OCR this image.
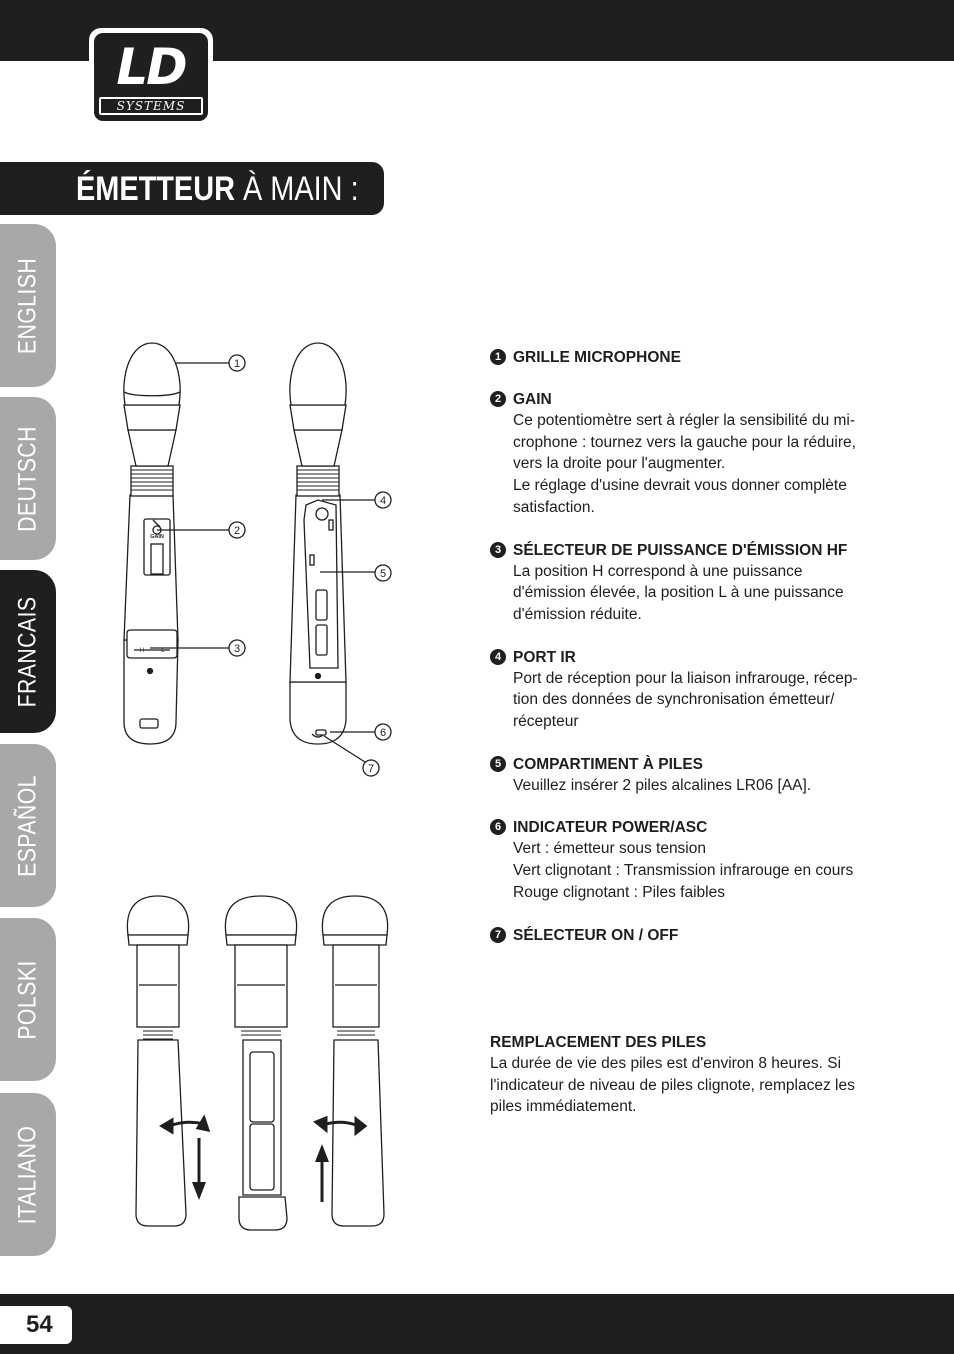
LD
SYSTEMS
ÉMETTEUR À MAIN :
ENGLISH
DEUTSCH
FRANCAIS
ESPAÑOL
POLSKI
ITALIANO
GAIN
H	L
1
2
3
4
5
6
7
1 GRILLE MICROPHONE
2 GAIN
Ce potentiomètre sert à régler la sensibilité du mi-
crophone : tournez vers la gauche pour la réduire,
vers la droite pour l'augmenter.
Le réglage d'usine devrait vous donner complète
satisfaction.
3 SÉLECTEUR DE PUISSANCE D'ÉMISSION HF
La position H correspond à une puissance
d'émission élevée, la position L à une puissance
d'émission réduite.
4 PORT IR
Port de réception pour la liaison infrarouge, récep-
tion des données de synchronisation émetteur/
récepteur
5 COMPARTIMENT À PILES
Veuillez insérer 2 piles alcalines LR06 [AA].
6 INDICATEUR POWER/ASC
Vert : émetteur sous tension
Vert clignotant : Transmission infrarouge en cours
Rouge clignotant : Piles faibles
7 SÉLECTEUR ON / OFF
REMPLACEMENT DES PILES
La durée de vie des piles est d'environ 8 heures. Si
l'indicateur de niveau de piles clignote, remplacez les
piles immédiatement.
54
